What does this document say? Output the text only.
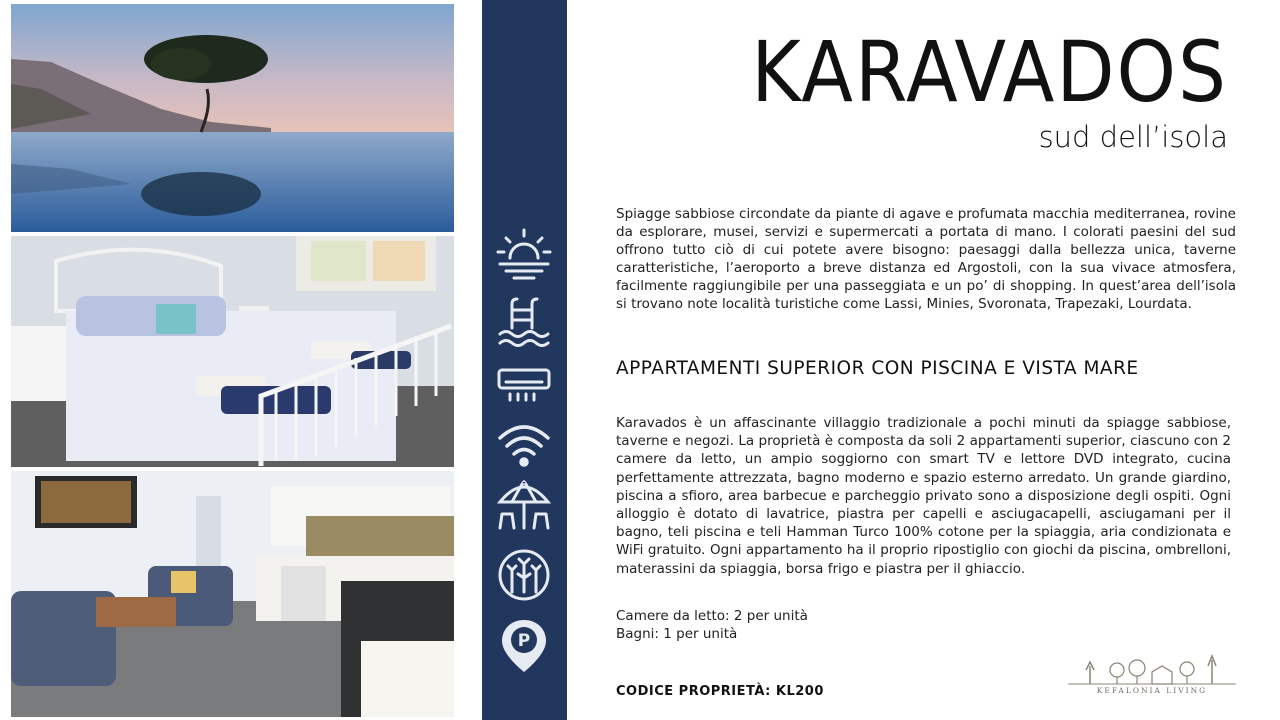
P
KARAVADOS
sud dell’isola
Spiagge sabbiose circondate da piante di agave e profumata macchia mediterranea, rovine da esplorare, musei, servizi e supermercati a portata di mano. I colorati paesini del sud offrono tutto ciò di cui potete avere bisogno: paesaggi dalla bellezza unica, taverne caratteristiche, l’aeroporto a breve distanza ed Argostoli, con la sua vivace atmosfera, facilmente raggiungibile per una passeggiata e un po’ di shopping. In quest’area dell’isola si trovano note località turistiche come Lassi, Minies, Svoronata, Trapezaki, Lourdata.
APPARTAMENTI SUPERIOR CON PISCINA E VISTA MARE
Karavados è un affascinante villaggio tradizionale a pochi minuti da spiagge sabbiose, taverne e negozi. La proprietà è composta da soli 2 appartamenti superior, ciascuno con 2 camere da letto, un ampio soggiorno con smart TV e lettore DVD integrato, cucina perfettamente attrezzata, bagno moderno e spazio esterno arredato. Un grande giardino, piscina a sfioro, area barbecue e parcheggio privato sono a disposizione degli ospiti. Ogni alloggio è dotato di lavatrice, piastra per capelli e asciugacapelli, asciugamani per il bagno, teli piscina e teli Hamman Turco 100% cotone per la spiaggia, aria condizionata e WiFi gratuito. Ogni appartamento ha il proprio ripostiglio con giochi da piscina, ombrelloni, materassini da spiaggia, borsa frigo e piastra per il ghiaccio.
Camere da letto: 2 per unità
Bagni: 1 per unità
CODICE PROPRIETÀ: KL200	KEFALONIA LIVING
